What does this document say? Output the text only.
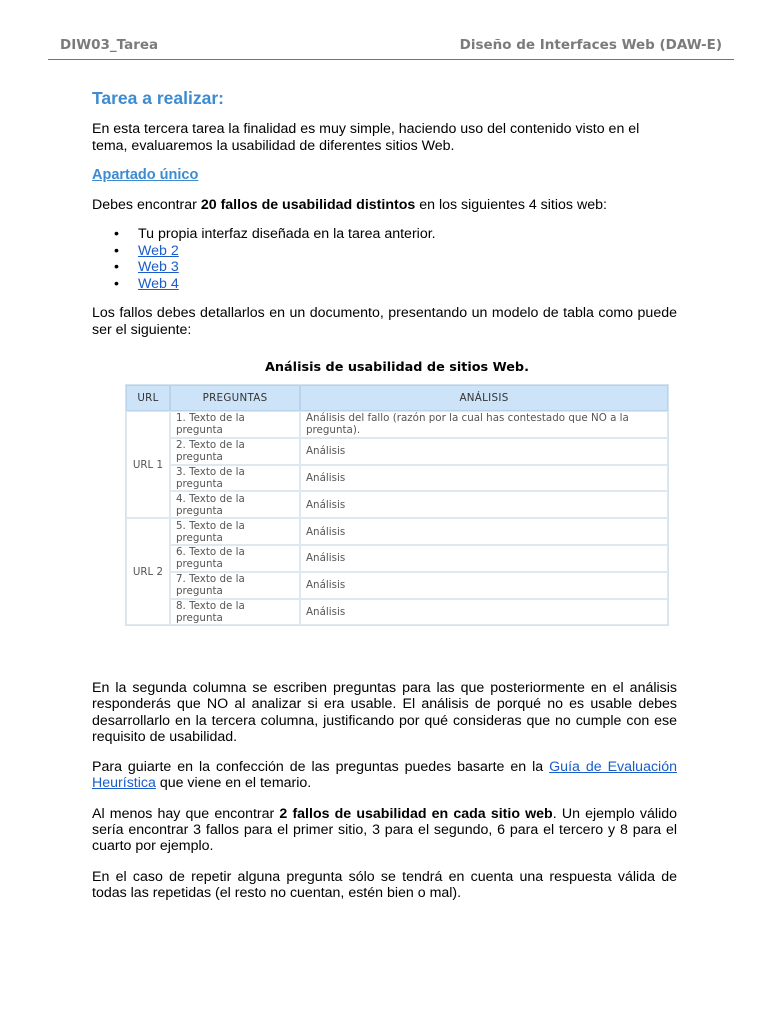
DIW03_Tarea	Diseño de Interfaces Web (DAW-E)
Tarea a realizar:

En esta tercera tarea la finalidad es muy simple, haciendo uso del contenido visto en el tema, evaluaremos la usabilidad de diferentes sitios Web.

Apartado único

Debes encontrar 20 fallos de usabilidad distintos en los siguientes 4 sitios web:

• Tu propia interfaz diseñada en la tarea anterior.
• Web 2
• Web 3
• Web 4

Los fallos debes detallarlos en un documento, presentando un modelo de tabla como puede ser el siguiente:

Análisis de usabilidad de sitios Web.
URL	PREGUNTAS	ANÁLISIS
URL 1	1. Texto de la pregunta	Análisis del fallo (razón por la cual has contestado que NO a la pregunta).
	2. Texto de la pregunta	Análisis
	3. Texto de la pregunta	Análisis
	4. Texto de la pregunta	Análisis
URL 2	5. Texto de la pregunta	Análisis
	6. Texto de la pregunta	Análisis
	7. Texto de la pregunta	Análisis
	8. Texto de la pregunta	Análisis

En la segunda columna se escriben preguntas para las que posteriormente en el análisis responderás que NO al analizar si era usable. El análisis de porqué no es usable debes desarrollarlo en la tercera columna, justificando por qué consideras que no cumple con ese requisito de usabilidad.

Para guiarte en la confección de las preguntas puedes basarte en la Guía de Evaluación Heurística que viene en el temario.

Al menos hay que encontrar 2 fallos de usabilidad en cada sitio web. Un ejemplo válido sería encontrar 3 fallos para el primer sitio, 3 para el segundo, 6 para el tercero y 8 para el cuarto por ejemplo.

En el caso de repetir alguna pregunta sólo se tendrá en cuenta una respuesta válida de todas las repetidas (el resto no cuentan, estén bien o mal).
